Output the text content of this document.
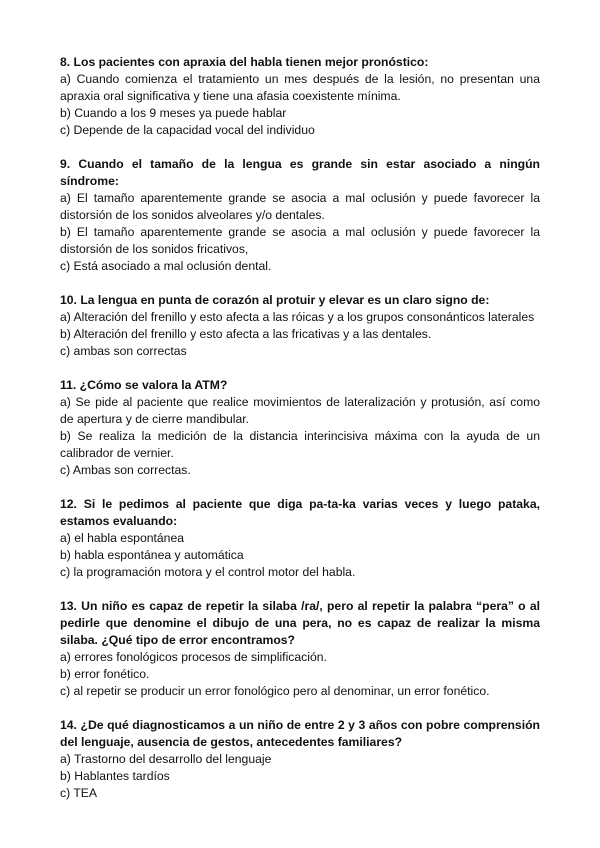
8. Los pacientes con apraxia del habla tienen mejor pronóstico:

a) Cuando comienza el tratamiento un mes después de la lesión, no presentan una apraxia oral significativa y tiene una afasia coexistente mínima.

b) Cuando a los 9 meses ya puede hablar

c) Depende de la capacidad vocal del individuo

9. Cuando el tamaño de la lengua es grande sin estar asociado a ningún síndrome:

a) El tamaño aparentemente grande se asocia a mal oclusión y puede favorecer la distorsión de los sonidos alveolares y/o dentales.

b) El tamaño aparentemente grande se asocia a mal oclusión y puede favorecer la distorsión de los sonidos fricativos,

c) Está asociado a mal oclusión dental.

10. La lengua en punta de corazón al protuir y elevar es un claro signo de:

a) Alteración del frenillo y esto afecta a las róicas y a los grupos consonánticos laterales

b) Alteración del frenillo y esto afecta a las fricativas y a las dentales.

c) ambas son correctas

11. ¿Cómo se valora la ATM?

a) Se pide al paciente que realice movimientos de lateralización y protusión, así como de apertura y de cierre mandibular.

b) Se realiza la medición de la distancia interincisiva máxima con la ayuda de un calibrador de vernier.

c) Ambas son correctas.

12. Si le pedimos al paciente que diga pa-ta-ka varias veces y luego pataka, estamos evaluando:

a) el habla espontánea

b) habla espontánea y automática

c) la programación motora y el control motor del habla.

13. Un niño es capaz de repetir la silaba /ra/, pero al repetir la palabra “pera” o al pedirle que denomine el dibujo de una pera, no es capaz de realizar la misma silaba. ¿Qué tipo de error encontramos?

a) errores fonológicos procesos de simplificación.

b) error fonético.

c) al repetir se producir un error fonológico pero al denominar, un error fonético.

14. ¿De qué diagnosticamos a un niño de entre 2 y 3 años con pobre comprensión del lenguaje, ausencia de gestos, antecedentes familiares?

a) Trastorno del desarrollo del lenguaje

b) Hablantes tardíos

c) TEA
